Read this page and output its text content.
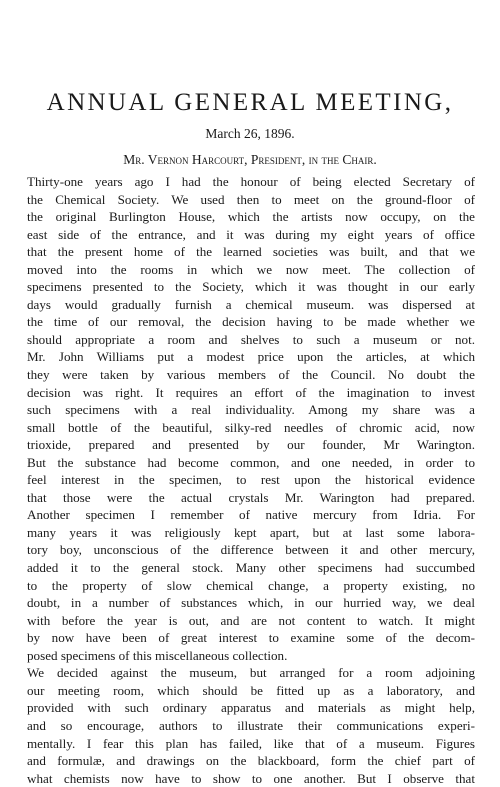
ANNUAL GENERAL MEETING,
March 26, 1896.
Mr. Vernon Harcourt, President, in the Chair.
Thirty-one years ago I had the honour of being elected Secretary of
the Chemical Society. We used then to meet on the ground-floor of
the original Burlington House, which the artists now occupy, on the
east side of the entrance, and it was during my eight years of office
that the present home of the learned societies was built, and that we
moved into the rooms in which we now meet. The collection of
specimens presented to the Society, which it was thought in our early
days would gradually furnish a chemical museum. was dispersed at
the time of our removal, the decision having to be made whether we
should appropriate a room and shelves to such a museum or not.
Mr. John Williams put a modest price upon the articles, at which
they were taken by various members of the Council. No doubt the
decision was right. It requires an effort of the imagination to invest
such specimens with a real individuality. Among my share was a
small bottle of the beautiful, silky-red needles of chromic acid, now
trioxide, prepared and presented by our founder, Mr Warington.
But the substance had become common, and one needed, in order to
feel interest in the specimen, to rest upon the historical evidence
that those were the actual crystals Mr. Warington had prepared.
Another specimen I remember of native mercury from Idria. For
many years it was religiously kept apart, but at last some labora-
tory boy, unconscious of the difference between it and other mercury,
added it to the general stock. Many other specimens had succumbed
to the property of slow chemical change, a property existing, no
doubt, in a number of substances which, in our hurried way, we deal
with before the year is out, and are not content to watch. It might
by now have been of great interest to examine some of the decom-
posed specimens of this miscellaneous collection.
We decided against the museum, but arranged for a room adjoining
our meeting room, which should be fitted up as a laboratory, and
provided with such ordinary apparatus and materials as might help,
and so encourage, authors to illustrate their communications experi-
mentally. I fear this plan has failed, like that of a museum. Figures
and formulæ, and drawings on the blackboard, form the chief part of
what chemists now have to show to one another. But I observe that
